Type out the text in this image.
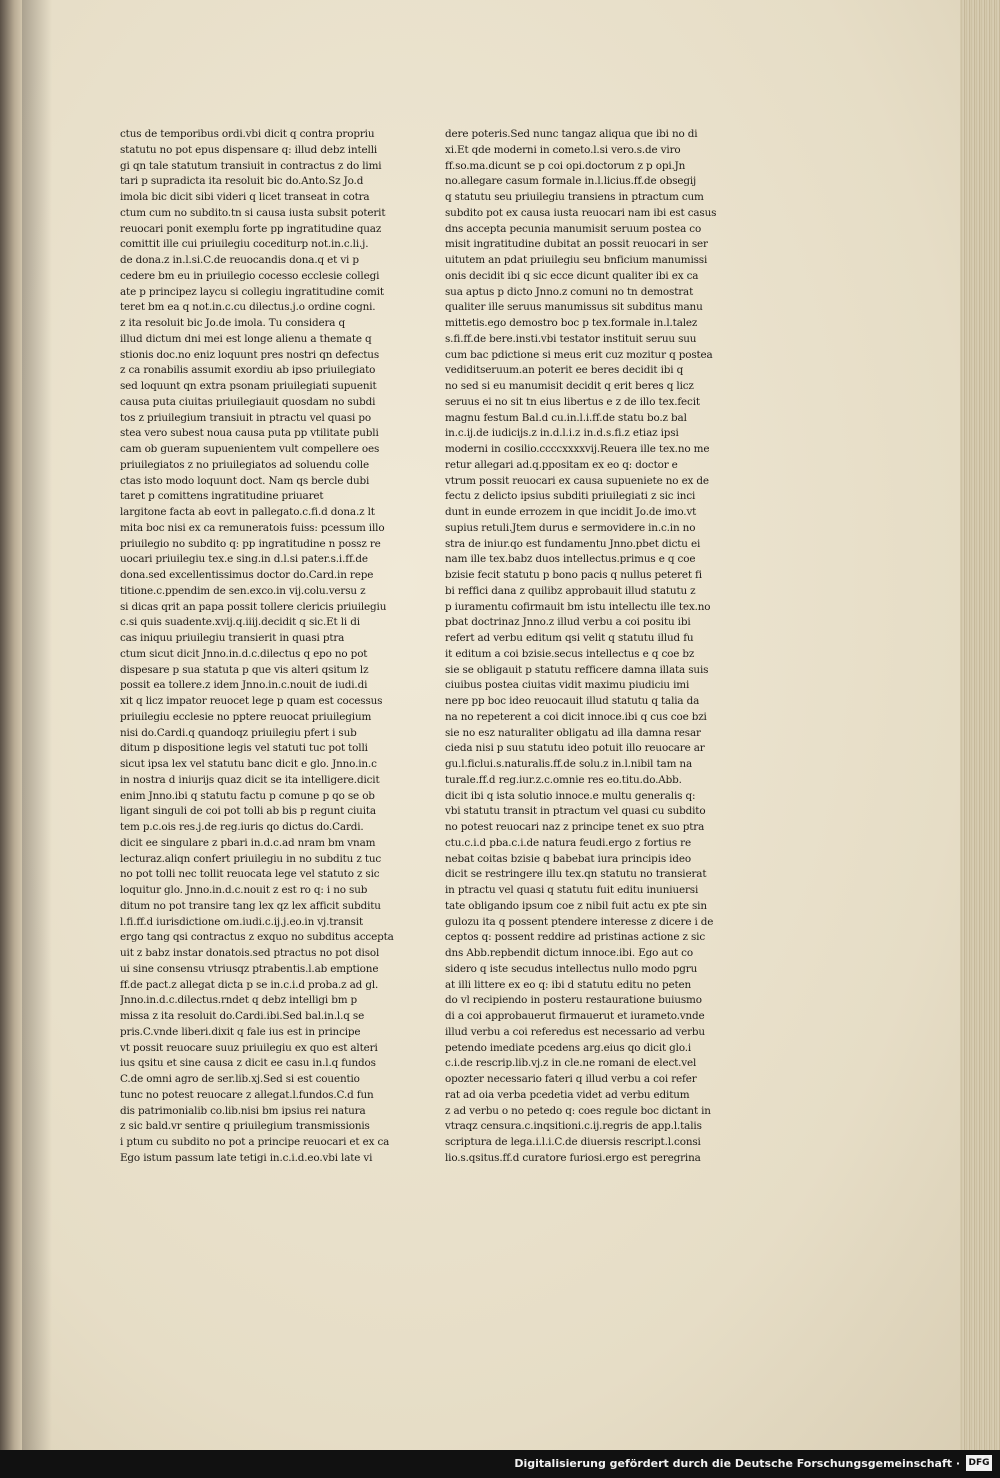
ctus de temporibus ordi.vbi dicit q contra propriu
statutu no pot epus dispensare q: illud debz intelli
gi qn tale statutum transiuit in contractus z do limi
tari p supradicta ita resoluit bic do.Anto.Sz Jo.d
imola bic dicit sibi videri q licet transeat in cotra
ctum cum no subdito.tn si causa iusta subsit poterit
reuocari ponit exemplu forte pp ingratitudine quaz
comittit ille cui priuilegiu cocediturp not.in.c.li.j.
de dona.z in.l.si.C.de reuocandis dona.q et vi p
cedere bm eu in priuilegio cocesso ecclesie collegi
ate p principez laycu si collegiu ingratitudine comit
teret bm ea q not.in.c.cu dilectus.j.o ordine cogni.
z ita resoluit bic Jo.de imola. Tu considera q
illud dictum dni mei est longe alienu a themate q
stionis doc.no eniz loquunt pres nostri qn defectus
z ca ronabilis assumit exordiu ab ipso priuilegiato
sed loquunt qn extra psonam priuilegiati supuenit
causa puta ciuitas priuilegiauit quosdam no subdi
tos z priuilegium transiuit in ptractu vel quasi po
stea vero subest noua causa puta pp vtilitate publi
cam ob gueram supuenientem vult compellere oes
priuilegiatos z no priuilegiatos ad soluendu colle
ctas isto modo loquunt doct. Nam qs bercle dubi
taret p comittens ingratitudine priuaret
largitone facta ab eovt in pallegato.c.fi.d dona.z lt
mita boc nisi ex ca remuneratois fuiss: pcessum illo
priuilegio no subdito q: pp ingratitudine n possz re
uocari priuilegiu tex.e sing.in d.l.si pater.s.i.ff.de
dona.sed excellentissimus doctor do.Card.in repe
titione.c.ppendim de sen.exco.in vij.colu.versu z
si dicas qrit an papa possit tollere clericis priuilegiu
c.si quis suadente.xvij.q.iiij.decidit q sic.Et li di
cas iniquu priuilegiu transierit in quasi ptra
ctum sicut dicit Jnno.in.d.c.dilectus q epo no pot
dispesare p sua statuta p que vis alteri qsitum lz
possit ea tollere.z idem Jnno.in.c.nouit de iudi.di
xit q licz impator reuocet lege p quam est cocessus
priuilegiu ecclesie no pptere reuocat priuilegium
nisi do.Cardi.q quandoqz priuilegiu pfert i sub
ditum p dispositione legis vel statuti tuc pot tolli
sicut ipsa lex vel statutu banc dicit e glo. Jnno.in.c
in nostra d iniurijs quaz dicit se ita intelligere.dicit
enim Jnno.ibi q statutu factu p comune p qo se ob
ligant singuli de coi pot tolli ab bis p regunt ciuita
tem p.c.ois res.j.de reg.iuris qo dictus do.Cardi.
dicit ee singulare z pbari in.d.c.ad nram bm vnam
lecturaz.aliqn confert priuilegiu in no subditu z tuc
no pot tolli nec tollit reuocata lege vel statuto z sic
loquitur glo. Jnno.in.d.c.nouit z est ro q: i no sub
ditum no pot transire tang lex qz lex afficit subditu
l.fi.ff.d iurisdictione om.iudi.c.ij.j.eo.in vj.transit
ergo tang qsi contractus z exquo no subditus accepta
uit z babz instar donatois.sed ptractus no pot disol
ui sine consensu vtriusqz ptrabentis.l.ab emptione
ff.de pact.z allegat dicta p se in.c.i.d proba.z ad gl.
Jnno.in.d.c.dilectus.rndet q debz intelligi bm p
missa z ita resoluit do.Cardi.ibi.Sed bal.in.l.q se
pris.C.vnde liberi.dixit q fale ius est in principe
vt possit reuocare suuz priuilegiu ex quo est alteri
ius qsitu et sine causa z dicit ee casu in.l.q fundos
C.de omni agro de ser.lib.xj.Sed si est couentio
tunc no potest reuocare z allegat.l.fundos.C.d fun
dis patrimonialib co.lib.nisi bm ipsius rei natura
z sic bald.vr sentire q priuilegium transmissionis
i ptum cu subdito no pot a principe reuocari et ex ca
Ego istum passum late tetigi in.c.i.d.eo.vbi late vi
dere poteris.Sed nunc tangaz aliqua que ibi no di
xi.Et qde moderni in cometo.l.si vero.s.de viro
ff.so.ma.dicunt se p coi opi.doctorum z p opi.Jn
no.allegare casum formale in.l.licius.ff.de obsegij
q statutu seu priuilegiu transiens in ptractum cum
subdito pot ex causa iusta reuocari nam ibi est casus
dns accepta pecunia manumisit seruum postea co
misit ingratitudine dubitat an possit reuocari in ser
uitutem an pdat priuilegiu seu bnficium manumissi
onis decidit ibi q sic ecce dicunt qualiter ibi ex ca
sua aptus p dicto Jnno.z comuni no tn demostrat
qualiter ille seruus manumissus sit subditus manu
mittetis.ego demostro boc p tex.formale in.l.talez
s.fi.ff.de bere.insti.vbi testator instituit seruu suu
cum bac pdictione si meus erit cuz mozitur q postea
vediditseruum.an poterit ee beres decidit ibi q
no sed si eu manumisit decidit q erit beres q licz
seruus ei no sit tn eius libertus e z de illo tex.fecit
magnu festum Bal.d cu.in.l.i.ff.de statu bo.z bal
in.c.ij.de iudicijs.z in.d.l.i.z in.d.s.fi.z etiaz ipsi
moderni in cosilio.ccccxxxxvij.Reuera ille tex.no me
retur allegari ad.q.ppositam ex eo q: doctor e
vtrum possit reuocari ex causa supueniete no ex de
fectu z delicto ipsius subditi priuilegiati z sic inci
dunt in eunde errozem in que incidit Jo.de imo.vt
supius retuli.Jtem durus e sermovidere in.c.in no
stra de iniur.qo est fundamentu Jnno.pbet dictu ei
nam ille tex.babz duos intellectus.primus e q coe
bzisie fecit statutu p bono pacis q nullus peteret fi
bi reffici dana z quilibz approbauit illud statutu z
p iuramentu cofirmauit bm istu intellectu ille tex.no
pbat doctrinaz Jnno.z illud verbu a coi positu ibi
refert ad verbu editum qsi velit q statutu illud fu
it editum a coi bzisie.secus intellectus e q coe bz
sie se obligauit p statutu refficere damna illata suis
ciuibus postea ciuitas vidit maximu piudiciu imi
nere pp boc ideo reuocauit illud statutu q talia da
na no repeterent a coi dicit innoce.ibi q cus coe bzi
sie no esz naturaliter obligatu ad illa damna resar
cieda nisi p suu statutu ideo potuit illo reuocare ar
gu.l.ficlui.s.naturalis.ff.de solu.z in.l.nibil tam na
turale.ff.d reg.iur.z.c.omnie res eo.titu.do.Abb.
dicit ibi q ista solutio innoce.e multu generalis q:
vbi statutu transit in ptractum vel quasi cu subdito
no potest reuocari naz z principe tenet ex suo ptra
ctu.c.i.d pba.c.i.de natura feudi.ergo z fortius re
nebat coitas bzisie q babebat iura principis ideo
dicit se restringere illu tex.qn statutu no transierat
in ptractu vel quasi q statutu fuit editu inuniuersi
tate obligando ipsum coe z nibil fuit actu ex pte sin
gulozu ita q possent ptendere interesse z dicere i de
ceptos q: possent reddire ad pristinas actione z sic
dns Abb.repbendit dictum innoce.ibi. Ego aut co
sidero q iste secudus intellectus nullo modo pgru
at illi littere ex eo q: ibi d statutu editu no peten
do vl recipiendo in posteru restauratione buiusmo
di a coi approbauerut firmauerut et iurameto.vnde
illud verbu a coi referedus est necessario ad verbu
petendo imediate pcedens arg.eius qo dicit glo.i
c.i.de rescrip.lib.vj.z in cle.ne romani de elect.vel
opozter necessario fateri q illud verbu a coi refer
rat ad oia verba pcedetia videt ad verbu editum
z ad verbu o no petedo q: coes regule boc dictant in
vtraqz censura.c.inqsitioni.c.ij.regris de app.l.talis
scriptura de lega.i.l.i.C.de diuersis rescript.l.consi
lio.s.qsitus.ff.d curatore furiosi.ergo est peregrina
Digitalisierung gefördert durch die Deutsche Forschungsgemeinschaft · DFG
